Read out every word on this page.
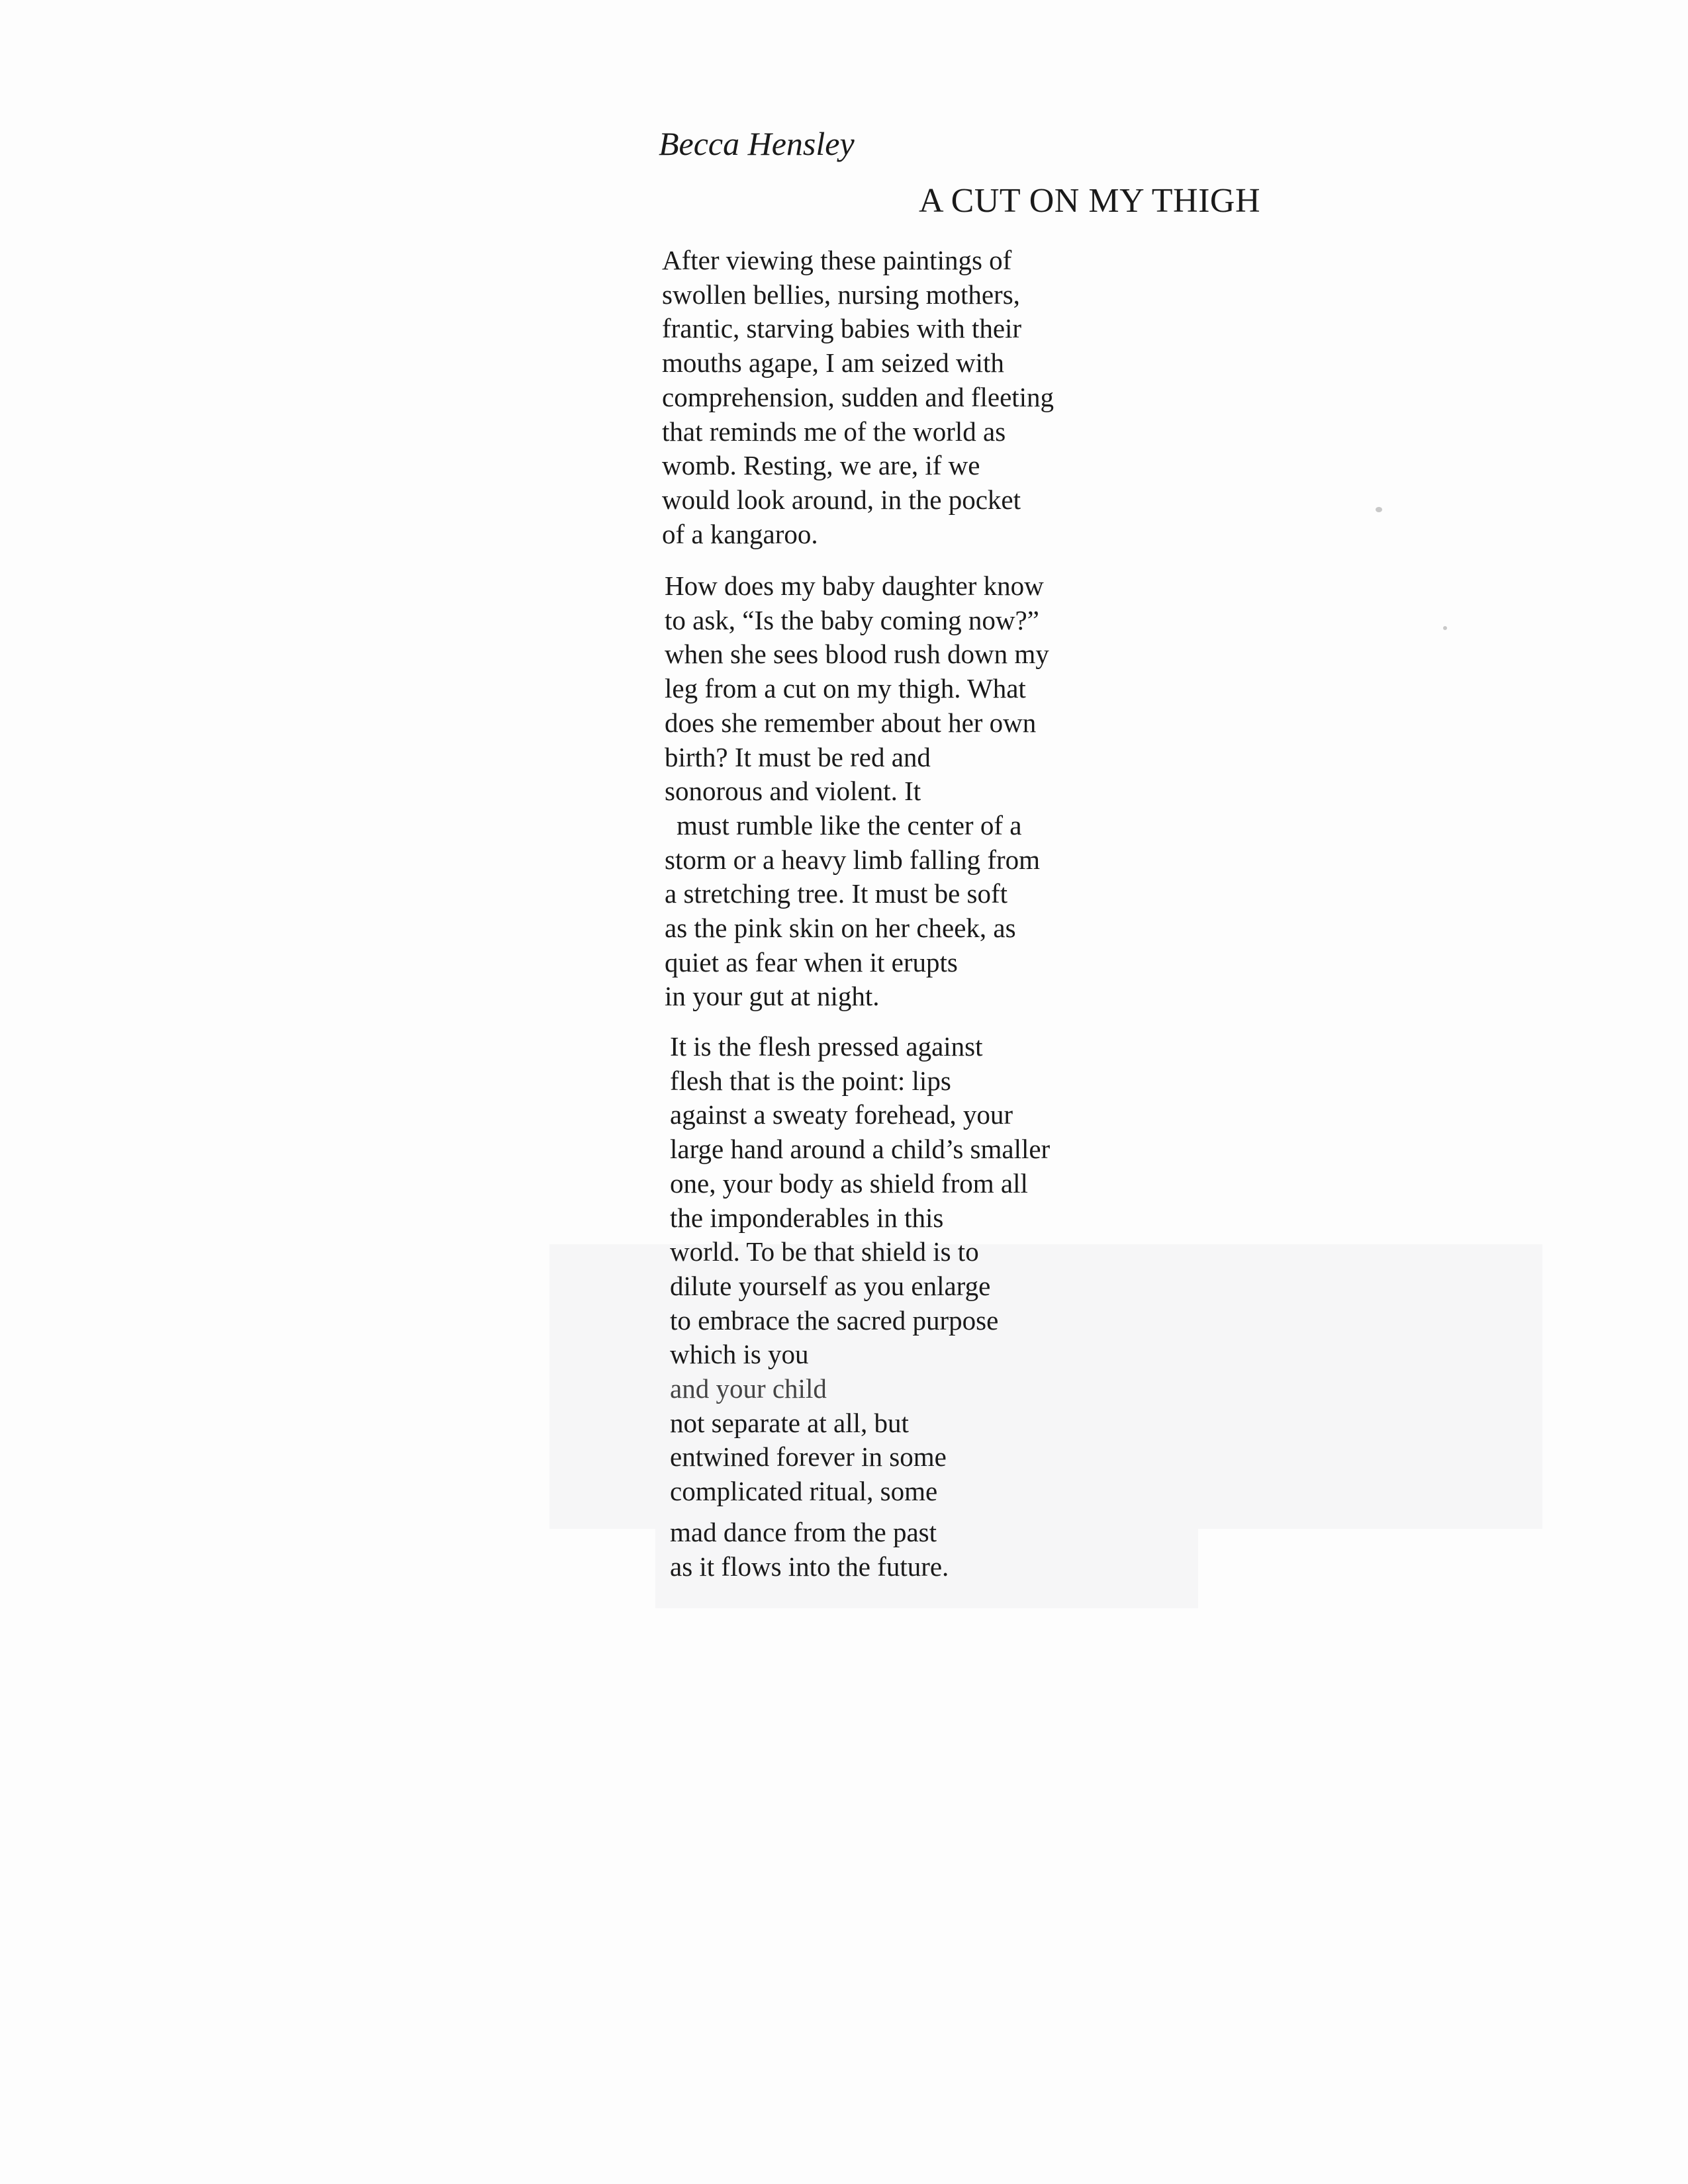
Becca Hensley
A CUT ON MY THIGH
After viewing these paintings of
swollen bellies, nursing mothers,
frantic, starving babies with their
mouths agape, I am seized with
comprehension, sudden and fleeting
that reminds me of the world as
womb. Resting, we are, if we
would look around, in the pocket
of a kangaroo.
How does my baby daughter know
to ask, “Is the baby coming now?”
when she sees blood rush down my
leg from a cut on my thigh. What
does she remember about her own
birth? It must be red and
sonorous and violent. It
must rumble like the center of a
storm or a heavy limb falling from
a stretching tree. It must be soft
as the pink skin on her cheek, as
quiet as fear when it erupts
in your gut at night.
It is the flesh pressed against
flesh that is the point: lips
against a sweaty forehead, your
large hand around a child’s smaller
one, your body as shield from all
the imponderables in this
world. To be that shield is to
dilute yourself as you enlarge
to embrace the sacred purpose
which is you
and your child
not separate at all, but
entwined forever in some
complicated ritual, some
mad dance from the past
as it flows into the future.
